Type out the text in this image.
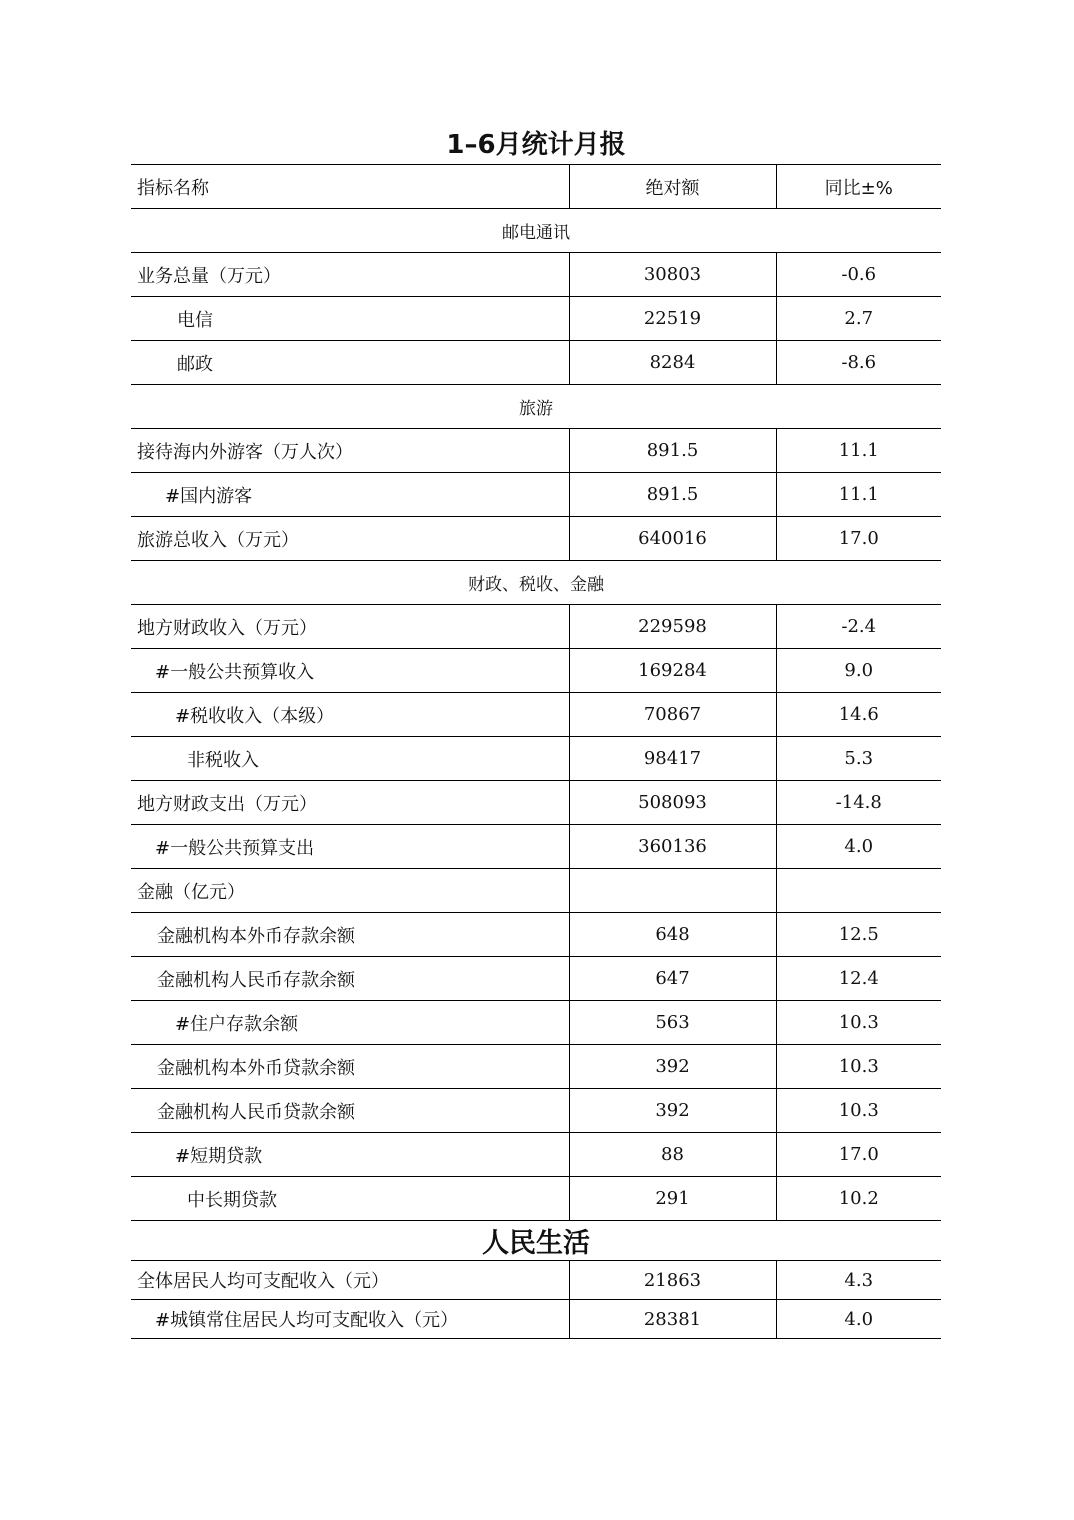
1–6月统计月报
指标名称	绝对额	同比±%
邮电通讯		
业务总量（万元）	30803	-0.6
电信	22519	2.7
邮政	8284	-8.6
旅游		
接待海内外游客（万人次）	891.5	11.1
#国内游客	891.5	11.1
旅游总收入（万元）	640016	17.0
财政、税收、金融		
地方财政收入（万元）	229598	-2.4
#一般公共预算收入	169284	9.0
#税收收入（本级）	70867	14.6
非税收入	98417	5.3
地方财政支出（万元）	508093	-14.8
#一般公共预算支出	360136	4.0
金融（亿元）		
金融机构本外币存款余额	648	12.5
金融机构人民币存款余额	647	12.4
#住户存款余额	563	10.3
金融机构本外币贷款余额	392	10.3
金融机构人民币贷款余额	392	10.3
#短期贷款	88	17.0
中长期贷款	291	10.2
人民生活		
全体居民人均可支配收入（元）	21863	4.3
#城镇常住居民人均可支配收入（元）	28381	4.0
